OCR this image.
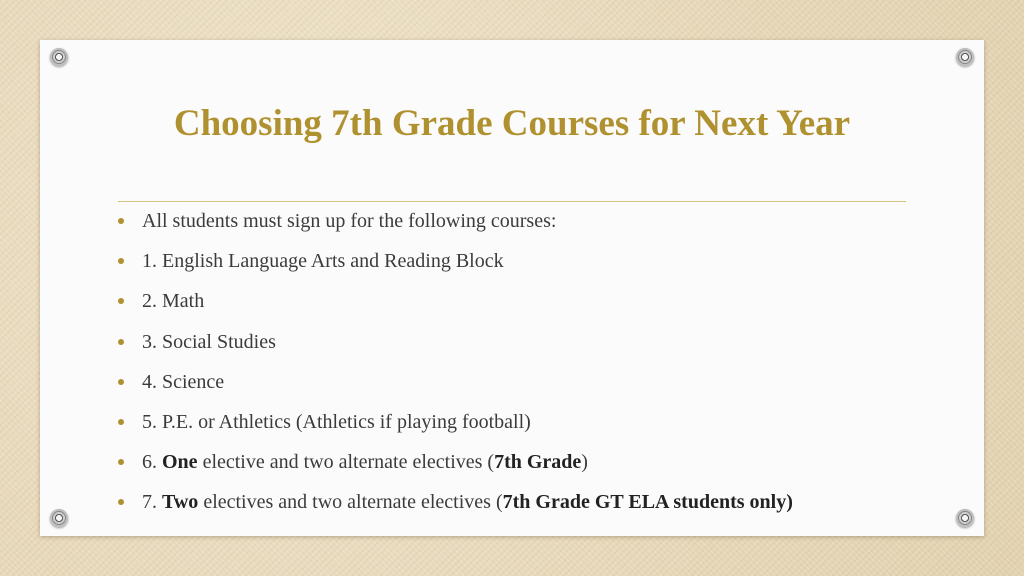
Choosing 7th Grade Courses for Next Year
All students must sign up for the following courses:
1. English Language Arts and Reading Block
2. Math
3. Social Studies
4. Science
5. P.E. or Athletics (Athletics if playing football)
6. One elective and two alternate electives (7th Grade)
7. Two electives and two alternate electives (7th Grade GT ELA students only)
